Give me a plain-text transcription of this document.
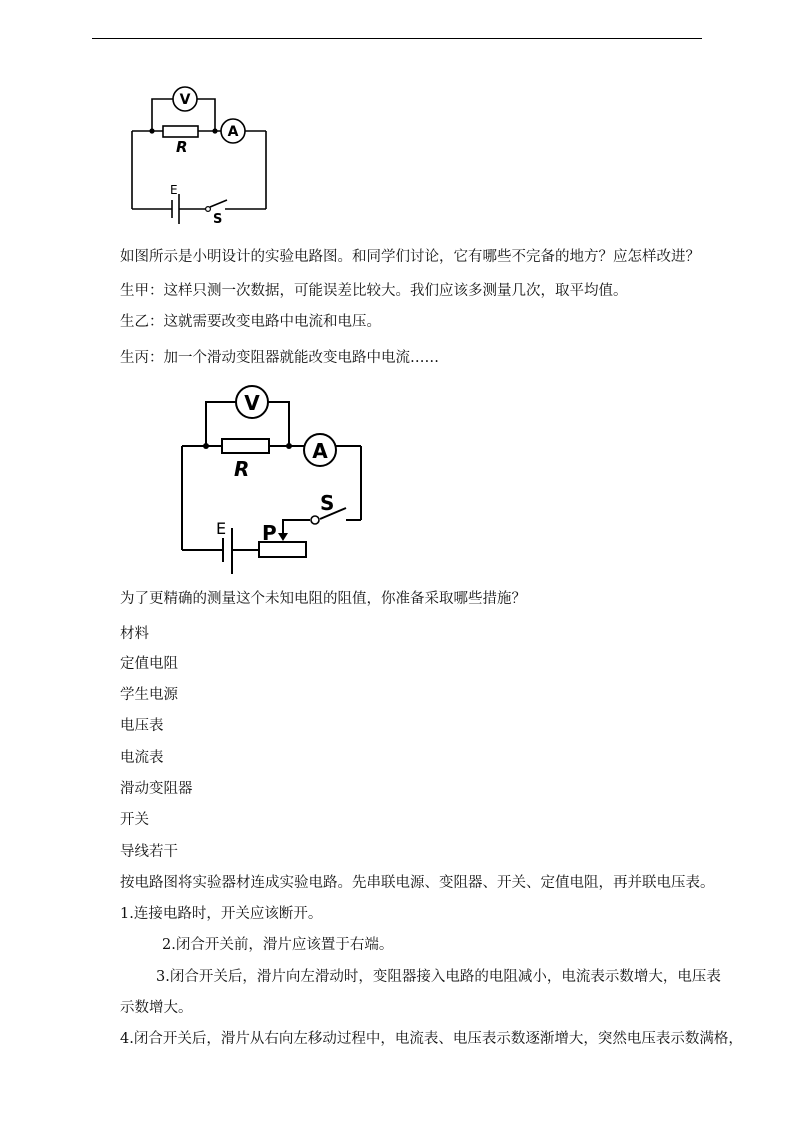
V
A
R
E
S
如图所示是小明设计的实验电路图。和同学们讨论，它有哪些不完备的地方？应怎样改进？
生甲：这样只测一次数据，可能误差比较大。我们应该多测量几次，取平均值。
生乙：这就需要改变电路中电流和电压。
生丙：加一个滑动变阻器就能改变电路中电流……
V
A
R
E
S
P
为了更精确的测量这个未知电阻的阻值，你准备采取哪些措施？
材料
定值电阻
学生电源
电压表
电流表
滑动变阻器
开关
导线若干
按电路图将实验器材连成实验电路。先串联电源、变阻器、开关、定值电阻，再并联电压表。
1.连接电路时，开关应该断开。
2.闭合开关前，滑片应该置于右端。
3.闭合开关后，滑片向左滑动时，变阻器接入电路的电阻减小，电流表示数增大，电压表
示数增大。
4.闭合开关后，滑片从右向左移动过程中，电流表、电压表示数逐渐增大，突然电压表示数满格，
